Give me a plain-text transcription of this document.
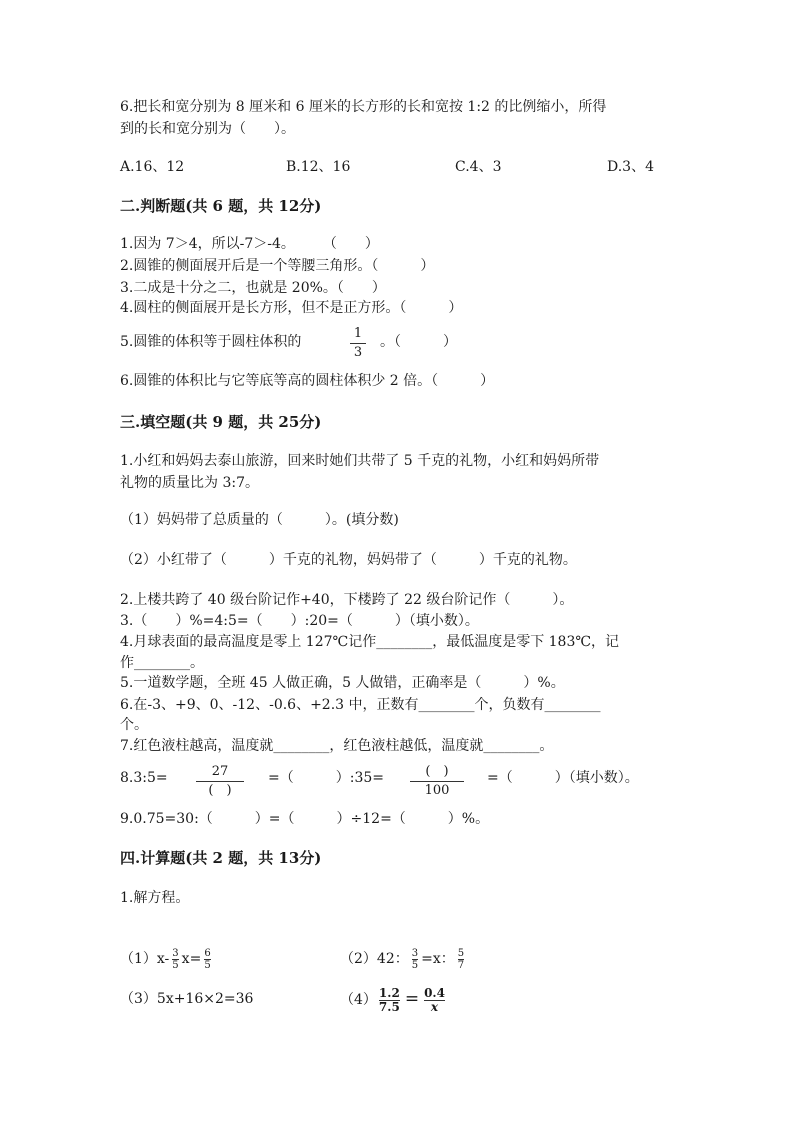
6.把长和宽分别为 8 厘米和 6 厘米的长方形的长和宽按 1:2 的比例缩小，所得
到的长和宽分别为（　　）。
A.16、12	B.12、16	C.4、3	D.3、4
二.判断题(共 6 题，共 12分)
1.因为 7＞4，所以-7＞-4。　　　（　　）
2.圆锥的侧面展开后是一个等腰三角形。（　　　）
3.二成是十分之二，也就是 20%。（　　）
4.圆柱的侧面展开是长方形，但不是正方形。（　　　）
5.圆锥的体积等于圆柱体积的
1
3
。（　　　）
6.圆锥的体积比与它等底等高的圆柱体积少 2 倍。（　　　）
三.填空题(共 9 题，共 25分)
1.小红和妈妈去泰山旅游，回来时她们共带了 5 千克的礼物，小红和妈妈所带
礼物的质量比为 3:7。
（1）妈妈带了总质量的（　　　）。(填分数)
（2）小红带了（　　　）千克的礼物，妈妈带了（　　　）千克的礼物。
2.上楼共跨了 40 级台阶记作+40，下楼跨了 22 级台阶记作（　　　）。
3.（　　）%=4:5=（　　）:20=（　　　）（填小数）。
4.月球表面的最高温度是零上 127℃记作________，最低温度是零下 183℃，记
作________。
5.一道数学题，全班 45 人做正确，5 人做错，正确率是（　　　）%。
6.在-3、+9、0、-12、-0.6、+2.3 中，正数有________个，负数有________
个。
7.红色液柱越高，温度就________，红色液柱越低，温度就________。
8.3:5=	27
(　)
=（　　　）:35=	(　)
100
=（　　　）（填小数）。
9.0.75=30:（　　　）=（　　　）÷12=（　　　）%。
四.计算题(共 2 题，共 13分)
1.解方程。
$(1)x- \frac{3}{5} x= \frac{6}{5}$	（2）42： $\frac{3}{5} =x$： $\frac{5}{7}$
（3）5x+16×2=36	$(4) \frac{1.2}{7.5} = \frac{0.4}{x}$
